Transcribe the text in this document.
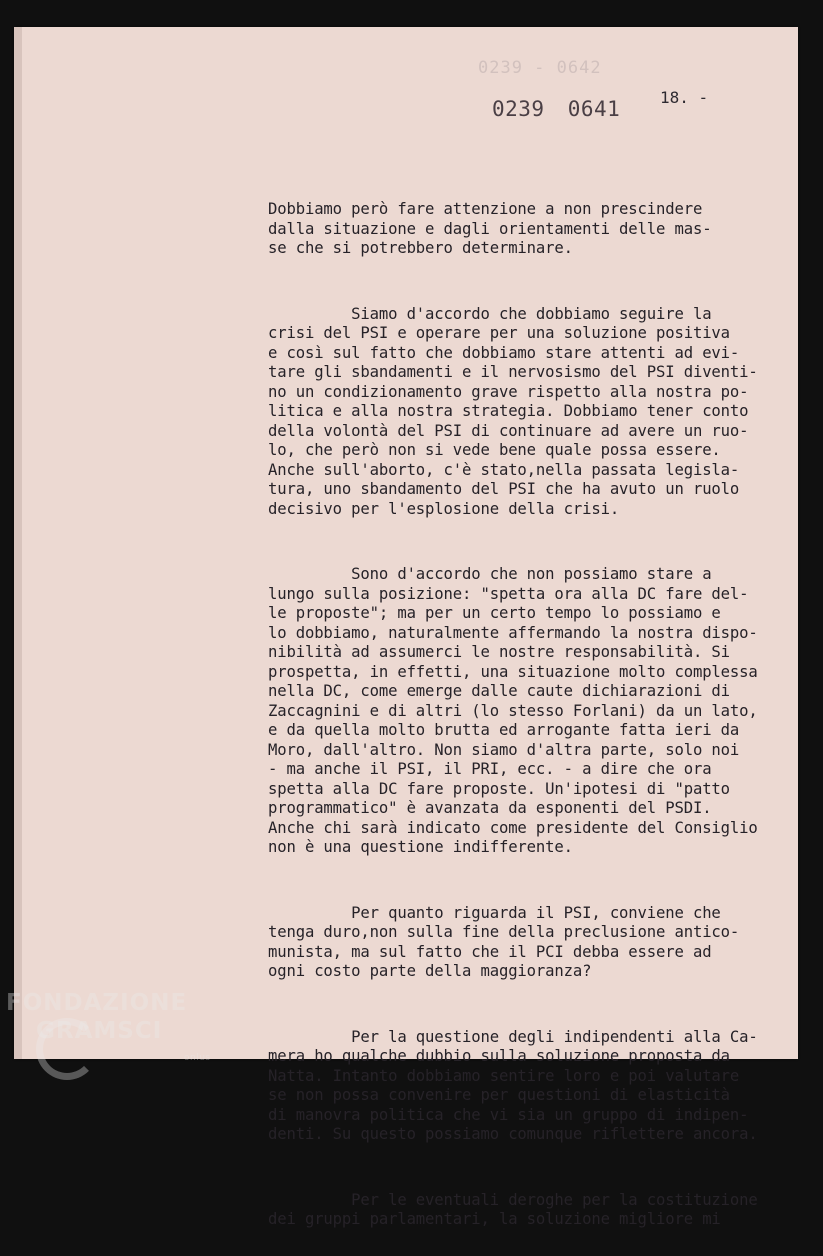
0239 - 0642
0239 0641 18. -

Dobbiamo però fare attenzione a non prescindere
dalla situazione e dagli orientamenti delle mas-
se che si potrebbero determinare.

Siamo d'accordo che dobbiamo seguire la
crisi del PSI e operare per una soluzione positiva
e così sul fatto che dobbiamo stare attenti ad evi-
tare gli sbandamenti e il nervosismo del PSI diventi-
no un condizionamento grave rispetto alla nostra po-
litica e alla nostra strategia. Dobbiamo tener conto
della volontà del PSI di continuare ad avere un ruo-
lo, che però non si vede bene quale possa essere.
Anche sull'aborto, c'è stato,nella passata legisla-
tura, uno sbandamento del PSI che ha avuto un ruolo
decisivo per l'esplosione della crisi.

Sono d'accordo che non possiamo stare a
lungo sulla posizione: "spetta ora alla DC fare del-
le proposte"; ma per un certo tempo lo possiamo e
lo dobbiamo, naturalmente affermando la nostra dispo-
nibilità ad assumerci le nostre responsabilità. Si
prospetta, in effetti, una situazione molto complessa
nella DC, come emerge dalle caute dichiarazioni di
Zaccagnini e di altri (lo stesso Forlani) da un lato,
e da quella molto brutta ed arrogante fatta ieri da
Moro, dall'altro. Non siamo d'altra parte, solo noi
- ma anche il PSI, il PRI, ecc. - a dire che ora
spetta alla DC fare proposte. Un'ipotesi di "patto
programmatico" è avanzata da esponenti del PSDI.
Anche chi sarà indicato come presidente del Consiglio
non è una questione indifferente.

Per quanto riguarda il PSI, conviene che
tenga duro,non sulla fine della preclusione antico-
munista, ma sul fatto che il PCI debba essere ad
ogni costo parte della maggioranza?

Per la questione degli indipendenti alla Ca-
mera ho qualche dubbio sulla soluzione proposta da
Natta. Intanto dobbiamo sentire loro e poi valutare
se non possa convenire per questioni di elasticità
di manovra politica che vi sia un gruppo di indipen-
denti. Su questo possiamo comunque riflettere ancora.

Per le eventuali deroghe per la costituzione
dei gruppi parlamentari, la soluzione migliore mi

FONDAZIONE
GRAMSCI
onlus
